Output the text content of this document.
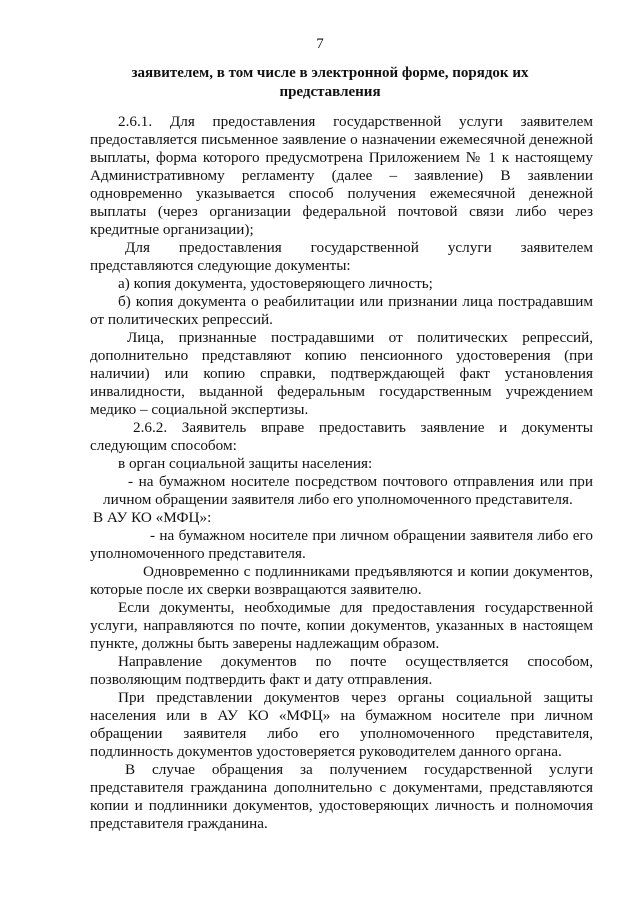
7
заявителем, в том числе в электронной форме, порядок их
представления
2.6.1. Для предоставления государственной услуги заявителем
предоставляется письменное заявление о назначении ежемесячной денежной
выплаты, форма которого предусмотрена Приложением № 1 к настоящему
Административному регламенту (далее – заявление) В заявлении
одновременно указывается способ получения ежемесячной денежной
выплаты (через организации федеральной почтовой связи либо через
кредитные организации);
Для предоставления государственной услуги заявителем
представляются следующие документы:
а) копия документа, удостоверяющего личность;
б) копия документа о реабилитации или признании лица пострадавшим
от политических репрессий.
Лица, признанные пострадавшими от политических репрессий,
дополнительно представляют копию пенсионного удостоверения (при
наличии) или копию справки, подтверждающей факт установления
инвалидности, выданной федеральным государственным учреждением
медико – социальной экспертизы.
2.6.2. Заявитель вправе предоставить заявление и документы
следующим способом:
в орган социальной защиты населения:
- на бумажном носителе посредством почтового отправления или при
личном обращении заявителя либо его уполномоченного представителя.
В АУ КО «МФЦ»:
- на бумажном носителе при личном обращении заявителя либо его
уполномоченного представителя.
Одновременно с подлинниками предъявляются и копии документов,
которые после их сверки возвращаются заявителю.
Если документы, необходимые для предоставления государственной
услуги, направляются по почте, копии документов, указанных в настоящем
пункте, должны быть заверены надлежащим образом.
Направление документов по почте осуществляется способом,
позволяющим подтвердить факт и дату отправления.
При представлении документов через органы социальной защиты
населения или в АУ КО «МФЦ» на бумажном носителе при личном
обращении заявителя либо его уполномоченного представителя,
подлинность документов удостоверяется руководителем данного органа.
В случае обращения за получением государственной услуги
представителя гражданина дополнительно с документами, представляются
копии и подлинники документов, удостоверяющих личность и полномочия
представителя гражданина.
